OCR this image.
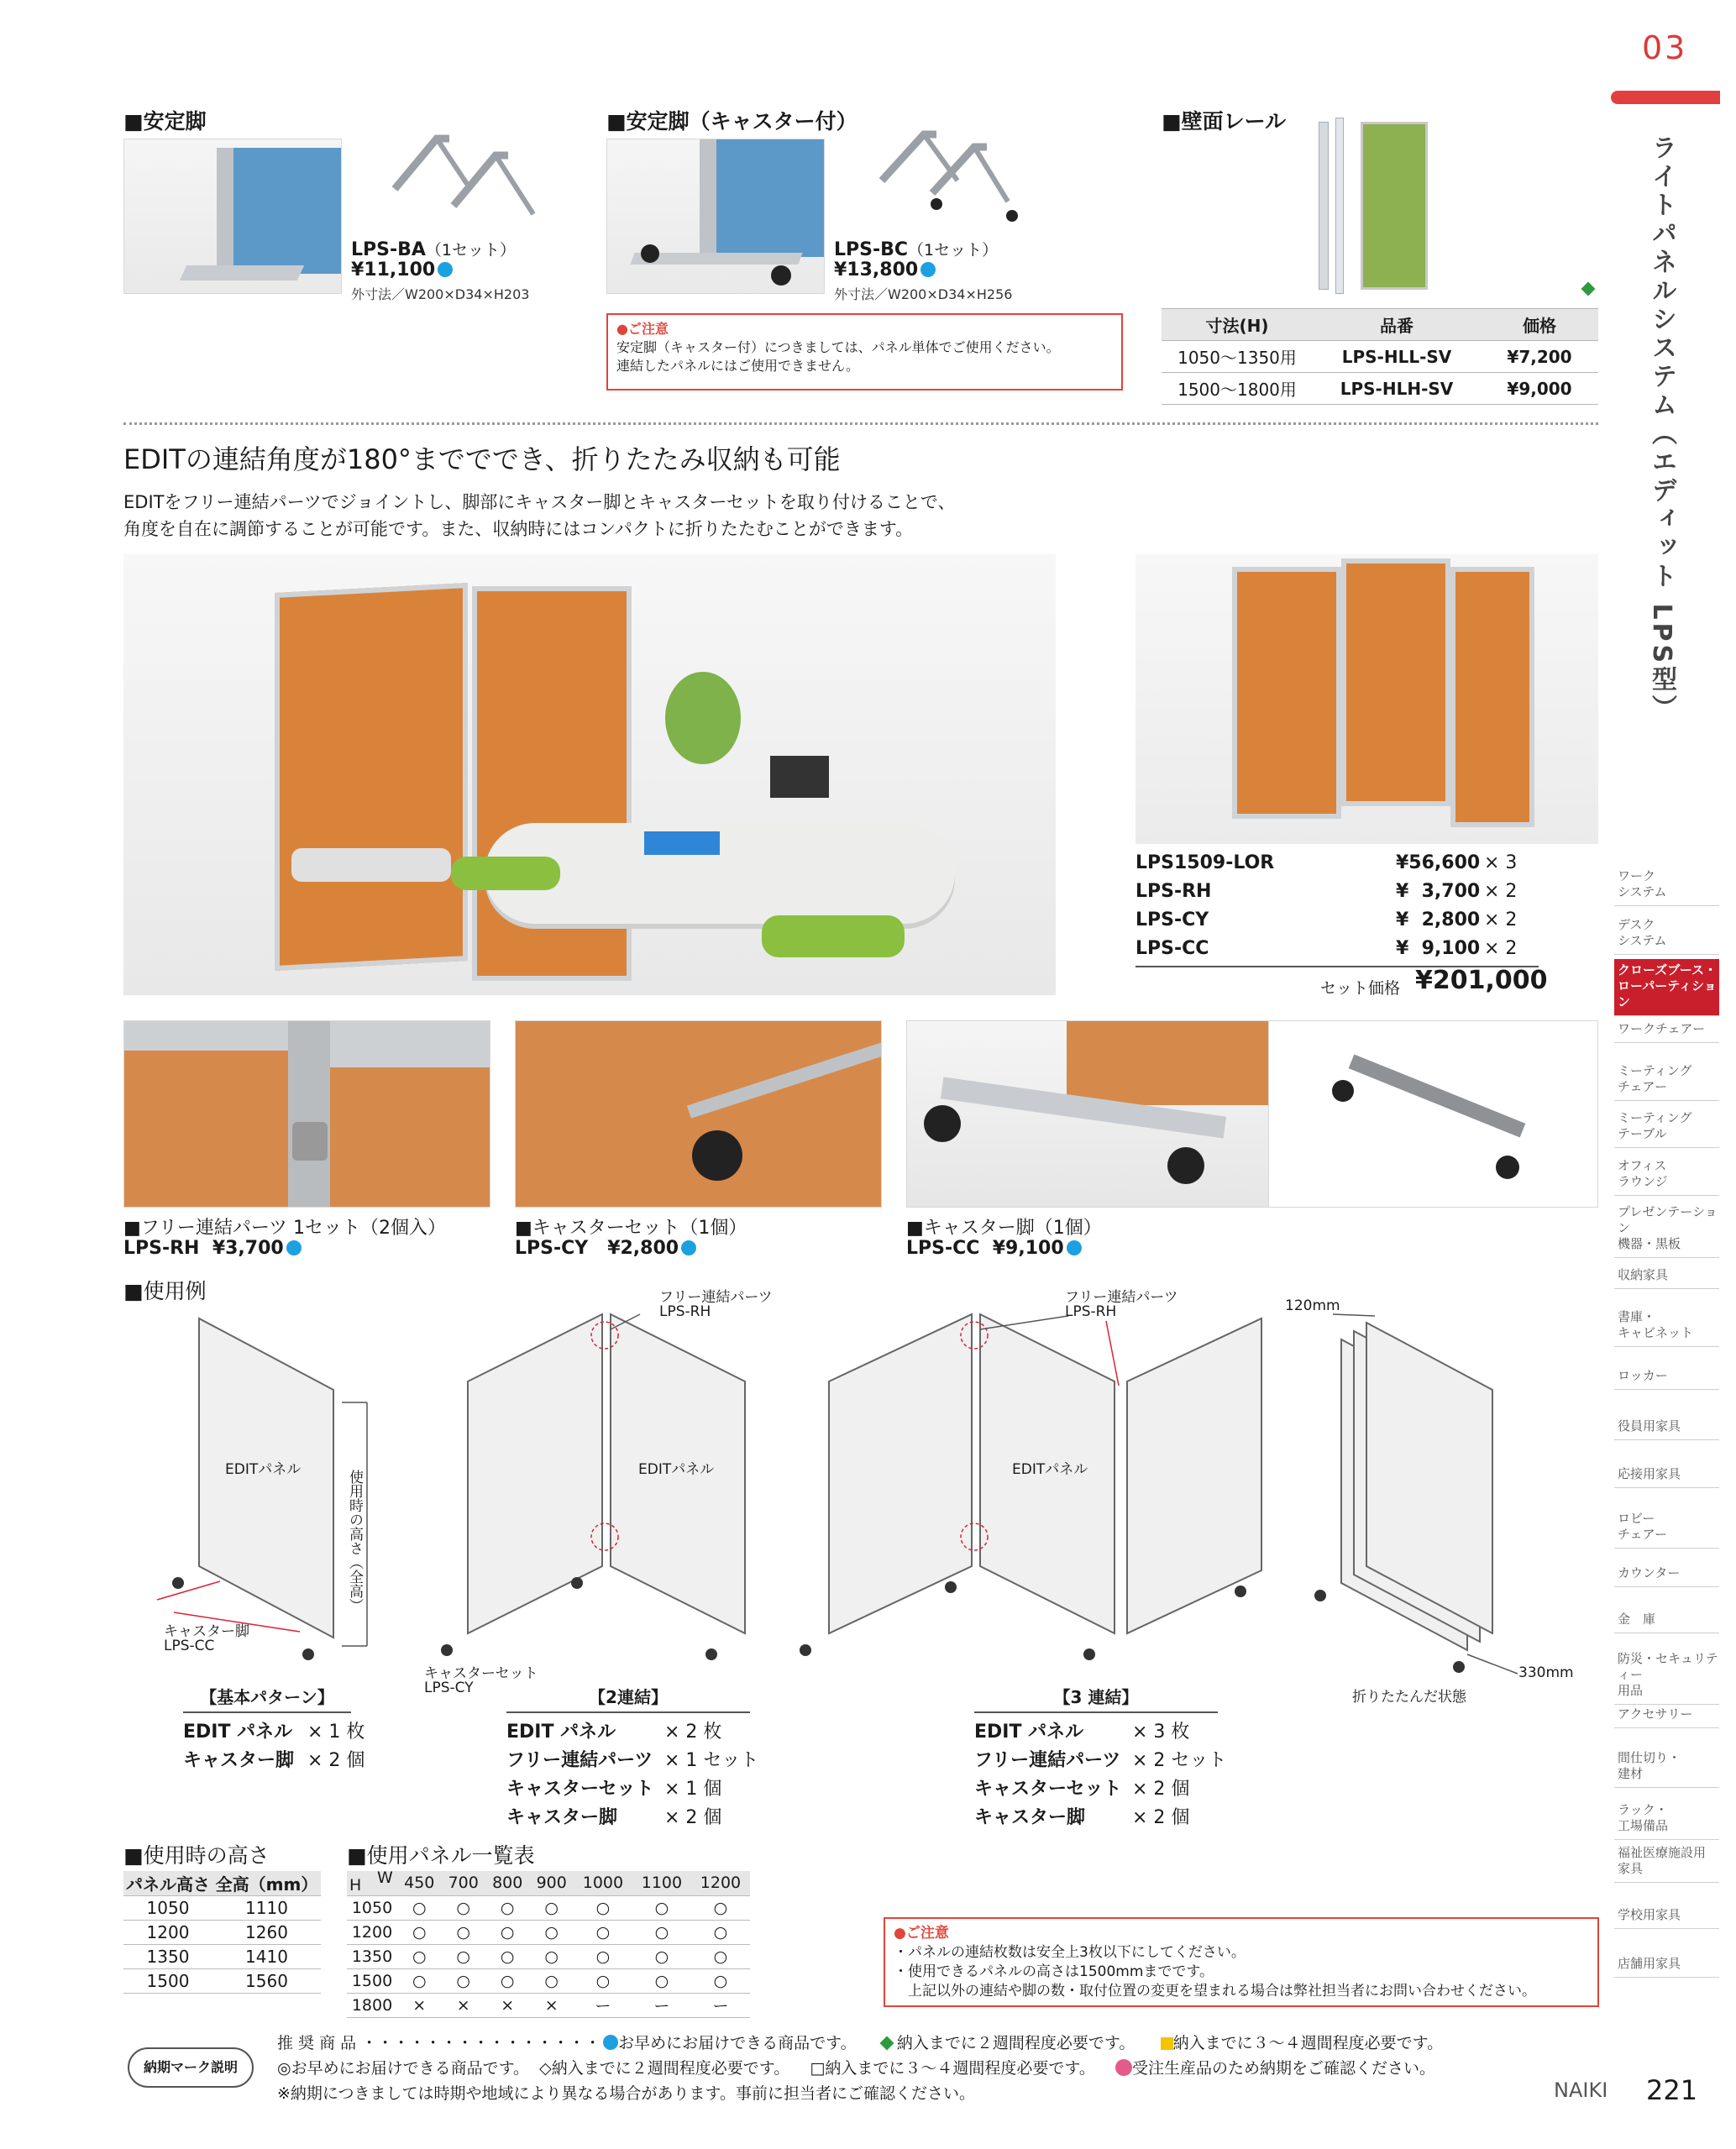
03
ライトパネルシステム（エディット LPS型）
■安定脚
LPS-BA（1セット）
¥11,100
外寸法／W200×D34×H203
■安定脚（キャスター付）
LPS-BC（1セット）
¥13,800
外寸法／W200×D34×H256
●ご注意
安定脚（キャスター付）につきましては、パネル単体でご使用ください。
連結したパネルにはご使用できません。
■壁面レール
寸法(H)	品番	価格
1050～1350用	LPS-HLL-SV	¥7,200
1500～1800用	LPS-HLH-SV	¥9,000
EDITの連結角度が180°までででき、折りたたみ収納も可能
EDITをフリー連結パーツでジョイントし、脚部にキャスター脚とキャスターセットを取り付けることで、
角度を自在に調節することが可能です。また、収納時にはコンパクトに折りたたむことができます。
LPS1509-LOR	¥56,600 × 3
LPS-RH	¥  3,700 × 2
LPS-CY	¥  2,800 × 2
LPS-CC	¥  9,100 × 2
セット価格 ¥201,000
■フリー連結パーツ 1セット（2個入）
LPS-RH ¥3,700
■キャスターセット（1個）
LPS-CY ¥2,800
■キャスター脚（1個）
LPS-CC ¥9,100
■使用例
EDITパネル	EDITパネル	EDITパネル
使用時の高さ（全高）
キャスター脚
LPS-CC
キャスターセット
LPS-CY
フリー連結パーツ
LPS-RH
フリー連結パーツ
LPS-RH	120mm
330mm
折りたたんだ状態
【基本パターン】
EDIT パネル × 1 枚
キャスター脚 × 2 個
【2連結】
EDIT パネル	× 2 枚
フリー連結パーツ × 1 セット
キャスターセット × 1 個
キャスター脚	× 2 個
【3 連結】
EDIT パネル	× 3 枚
フリー連結パーツ × 2 セット
キャスターセット × 2 個
キャスター脚	× 2 個
■使用時の高さ
パネル高さ	全高（mm）
1050	1110
1200	1260
1350	1410
1500	1560
■使用パネル一覧表
H W	450	700	800	900	1000	1100	1200
1050	○	○	○	○	○	○	○
1200	○	○	○	○	○	○	○
1350	○	○	○	○	○	○	○
1500	○	○	○	○	○	○	○
1800	×	×	×	×	ー	ー	ー
●ご注意
・パネルの連結枚数は安全上3枚以下にしてください。
・使用できるパネルの高さは1500mmまでです。
　上記以外の連結や脚の数・取付位置の変更を望まれる場合は弊社担当者にお問い合わせください。
納期マーク説明
推 奨 商 品 ・・・・・・・・・・・・・・・ お早めにお届けできる商品です。	納入までに２週間程度必要です。 納入までに３～４週間程度必要です。
◎お早めにお届けできる商品です。 ◇納入までに２週間程度必要です。 □納入までに３～４週間程度必要です。 受注生産品のため納期をご確認ください。
※納期につきましては時期や地域により異なる場合があります。事前に担当者にご確認ください。	NAIKI 221
ワーク
システム
デスク
システム
クローズブース・
ローパーティション
ワークチェアー
ミーティング
チェアー
ミーティング
テーブル
オフィス
ラウンジ
プレゼンテーション
機器・黒板
収納家具
書庫・
キャビネット
ロッカー
役員用家具
応接用家具
ロビー
チェアー
カウンター
金　庫
防災・セキュリティー
用品
アクセサリー
間仕切り・
建材
ラック・
工場備品
福祉医療施設用
家具
学校用家具
店舗用家具
